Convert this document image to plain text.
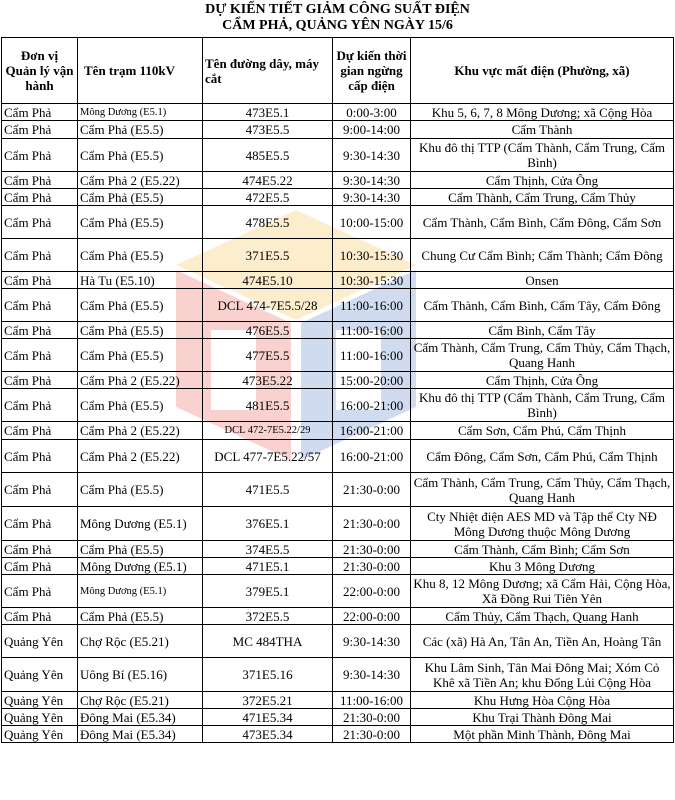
DỰ KIẾN TIẾT GIẢM CÔNG SUẤT ĐIỆN
CẨM PHẢ, QUẢNG YÊN NGÀY 15/6
Đơn vị Quản lý vận hành	Tên trạm 110kV	Tên đường dây, máy cắt	Dự kiến thời gian ngừng cấp điện	Khu vực mất điện (Phường, xã)
Cẩm Phả	Mông Dương (E5.1)	473E5.1	0:00-3:00	Khu 5, 6, 7, 8 Mông Dương; xã Cộng Hòa
Cẩm Phả	Cẩm Phả (E5.5)	473E5.5	9:00-14:00	Cẩm Thành
Cẩm Phả	Cẩm Phả (E5.5)	485E5.5	9:30-14:30	Khu đô thị TTP (Cẩm Thành, Cẩm Trung, Cẩm Bình)
Cẩm Phả	Cẩm Phả 2 (E5.22)	474E5.22	9:30-14:30	Cẩm Thịnh, Cửa Ông
Cẩm Phả	Cẩm Phả (E5.5)	472E5.5	9:30-14:30	Cẩm Thành, Cẩm Trung, Cẩm Thủy
Cẩm Phả	Cẩm Phả (E5.5)	478E5.5	10:00-15:00	Cẩm Thành, Cẩm Bình, Cẩm Đông, Cẩm Sơn
Cẩm Phả	Cẩm Phả (E5.5)	371E5.5	10:30-15:30	Chung Cư Cẩm Bình; Cẩm Thành; Cẩm Đông
Cẩm Phả	Hà Tu (E5.10)	474E5.10	10:30-15:30	Onsen
Cẩm Phả	Cẩm Phả (E5.5)	DCL 474-7E5.5/28	11:00-16:00	Cẩm Thành, Cẩm Bình, Cẩm Tây, Cẩm Đông
Cẩm Phả	Cẩm Phả (E5.5)	476E5.5	11:00-16:00	Cẩm Bình, Cẩm Tây
Cẩm Phả	Cẩm Phả (E5.5)	477E5.5	11:00-16:00	Cẩm Thành, Cẩm Trung, Cẩm Thủy, Cẩm Thạch, Quang Hanh
Cẩm Phả	Cẩm Phả 2 (E5.22)	473E5.22	15:00-20:00	Cẩm Thịnh, Cửa Ông
Cẩm Phả	Cẩm Phả (E5.5)	481E5.5	16:00-21:00	Khu đô thị TTP (Cẩm Thành, Cẩm Trung, Cẩm Bình)
Cẩm Phả	Cẩm Phả 2 (E5.22)	DCL 472-7E5.22/29	16:00-21:00	Cẩm Sơn, Cẩm Phú, Cẩm Thịnh
Cẩm Phả	Cẩm Phả 2 (E5.22)	DCL 477-7E5.22/57	16:00-21:00	Cẩm Đông, Cẩm Sơn, Cẩm Phú, Cẩm Thịnh
Cẩm Phả	Cẩm Phả (E5.5)	471E5.5	21:30-0:00	Cẩm Thành, Cẩm Trung, Cẩm Thủy, Cẩm Thạch, Quang Hanh
Cẩm Phả	Mông Dương (E5.1)	376E5.1	21:30-0:00	Cty Nhiệt điện AES MD và Tập thể Cty NĐ Mông Dương thuộc Mông Dương
Cẩm Phả	Cẩm Phả (E5.5)	374E5.5	21:30-0:00	Cẩm Thành, Cẩm Bình; Cẩm Sơn
Cẩm Phả	Mông Dương (E5.1)	471E5.1	21:30-0:00	Khu 3 Mông Dương
Cẩm Phả	Mông Dương (E5.1)	379E5.1	22:00-0:00	Khu 8, 12 Mông Dương; xã Cẩm Hải, Cộng Hòa, Xã Đồng Rui Tiên Yên
Cẩm Phả	Cẩm Phả (E5.5)	372E5.5	22:00-0:00	Cẩm Thủy, Cẩm Thạch, Quang Hanh
Quảng Yên	Chợ Rộc (E5.21)	MC 484THA	9:30-14:30	Các (xã) Hà An, Tân An, Tiền An, Hoàng Tân
Quảng Yên	Uông Bí (E5.16)	371E5.16	9:30-14:30	Khu Lâm Sinh, Tân Mai Đông Mai; Xóm Cỏ Khê xã Tiền An; khu Đống Lủi Cộng Hòa
Quảng Yên	Chợ Rộc (E5.21)	372E5.21	11:00-16:00	Khu Hưng Hòa Cộng Hòa
Quảng Yên	Đông Mai (E5.34)	471E5.34	21:30-0:00	Khu Trại Thành Đông Mai
Quảng Yên	Đông Mai (E5.34)	473E5.34	21:30-0:00	Một phần Minh Thành, Đông Mai
